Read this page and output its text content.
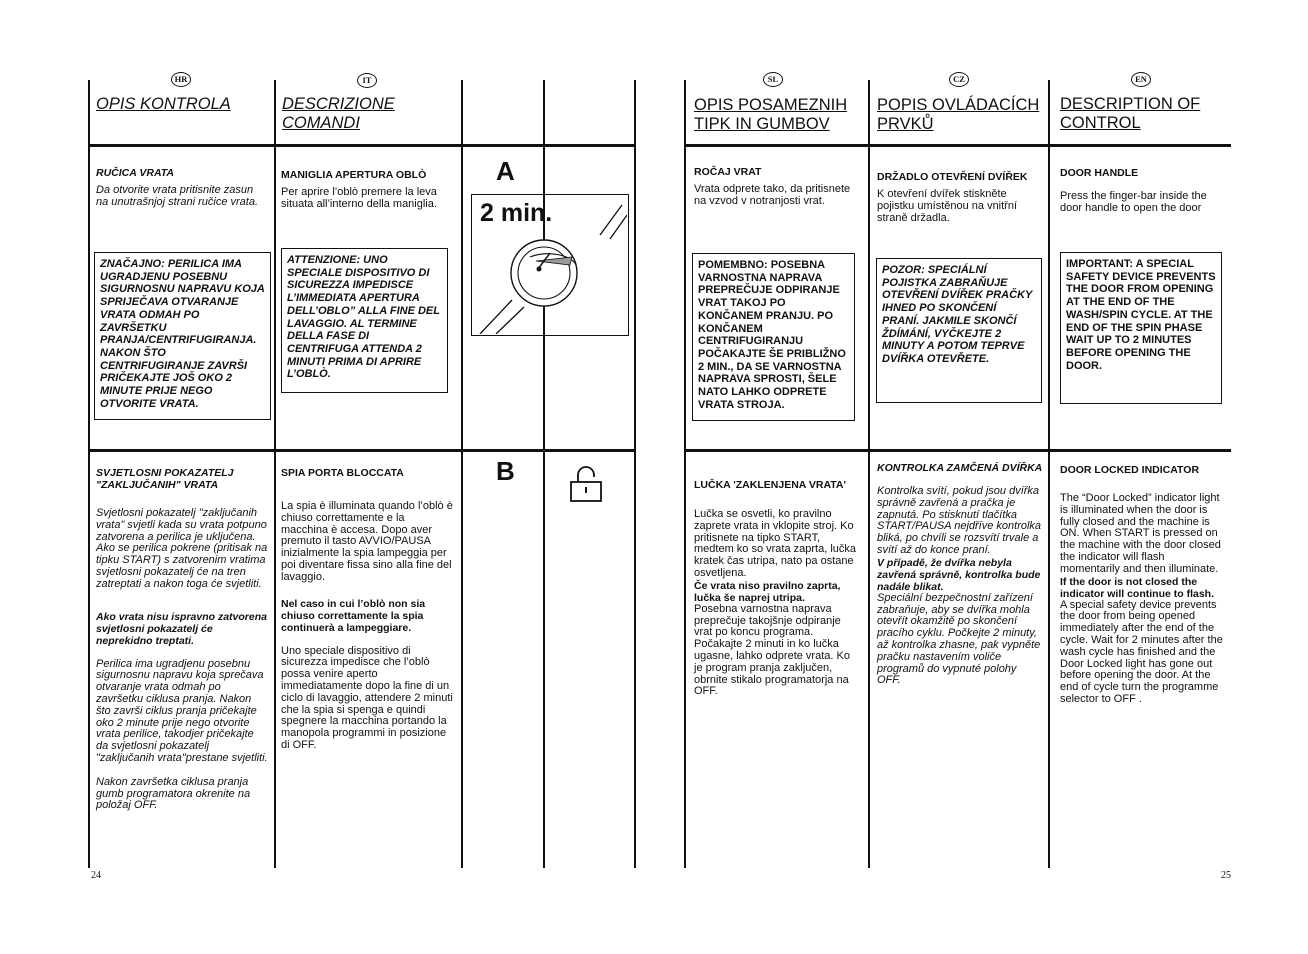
HR	IT
OPIS KONTROLA	DESCRIZIONE COMANDI

RUČICA VRATA

Da otvorite vrata pritisnite zasun na unutrašnjoj strani ručice vrata.

ZNAČAJNO: PERILICA IMA UGRADJENU POSEBNU SIGURNOSNU NAPRAVU KOJA SPRIJEČAVA OTVARANJE VRATA ODMAH PO ZAVRŠETKU PRANJA/CENTRIFUGIRANJA. NAKON ŠTO CENTRIFUGIRANJE ZAVRŠI PRIČEKAJTE JOŠ OKO 2 MINUTE PRIJE NEGO OTVORITE VRATA.

MANIGLIA APERTURA OBLÒ

Per aprire l’oblò premere la leva situata all’interno della maniglia.

ATTENZIONE: UNO SPECIALE DISPOSITIVO DI SICUREZZA IMPEDISCE L’IMMEDIATA APERTURA DELL’OBLO” ALLA FINE DEL LAVAGGIO. AL TERMINE DELLA FASE DI CENTRIFUGA ATTENDA 2 MINUTI PRIMA DI APRIRE L’OBLÒ.
A
2 min.
B

SVJETLOSNI POKAZATELJ "ZAKLJUČANIH" VRATA

Svjetlosni pokazatelj "zaključanih vrata" svjetli kada su vrata potpuno zatvorena a perilica je uključena. Ako se perilica pokrene (pritisak na tipku START) s zatvorenim vratima svjetlosni pokazatelj će na tren zatreptati a nakon toga će svjetliti.

Ako vrata nisu ispravno zatvorena svjetlosni pokazatelj će neprekidno treptati.

Perilica ima ugradjenu posebnu sigurnosnu napravu koja sprečava otvaranje vrata odmah po završetku ciklusa pranja. Nakon što završi ciklus pranja pričekajte oko 2 minute prije nego otvorite vrata perilice, takodjer pričekajte da svjetlosni pokazatelj "zaključanih vrata"prestane svjetliti.

Nakon završetka ciklusa pranja gumb programatora okrenite na položaj OFF.

SPIA PORTA BLOCCATA

La spia è illuminata quando l’oblò è chiuso correttamente e la macchina è accesa. Dopo aver premuto il tasto AVVIO/PAUSA inizialmente la spia lampeggia per poi diventare fissa sino alla fine del lavaggio.

Nel caso in cui l’oblò non sia chiuso correttamente la spia continuerà a lampeggiare.

Uno speciale dispositivo di sicurezza impedisce che l’oblò possa venire aperto immediatamente dopo la fine di un ciclo di lavaggio, attendere 2 minuti che la spia si spenga e quindi spegnere la macchina portando la manopola programmi in posizione di OFF.

24
SL	CZ	EN
OPIS POSAMEZNIH TIPK IN GUMBOV
POPIS OVLÁDACÍCH PRVKŮ
DESCRIPTION OF CONTROL

ROČAJ VRAT

Vrata odprete tako, da pritisnete na vzvod v notranjosti vrat.

POMEMBNO: POSEBNA VARNOSTNA NAPRAVA PREPREČUJE ODPIRANJE VRAT TAKOJ PO KONČANEM PRANJU. PO KONČANEM CENTRIFUGIRANJU POČAKAJTE ŠE PRIBLIŽNO 2 MIN., DA SE VARNOSTNA NAPRAVA SPROSTI, ŠELE NATO LAHKO ODPRETE VRATA STROJA.

DRŽADLO OTEVŘENÍ DVÍŘEK

K otevření dvířek stiskněte pojistku umístěnou na vnitřní straně držadla.

POZOR: SPECIÁLNÍ POJISTKA ZABRAŇUJE OTEVŘENÍ DVÍŘEK PRAČKY IHNED PO SKONČENÍ PRANÍ. JAKMILE SKONČÍ ŽDÍMÁNÍ, VYČKEJTE 2 MINUTY A POTOM TEPRVE DVÍŘKA OTEVŘETE.

DOOR HANDLE

Press the finger-bar inside the door handle to open the door

IMPORTANT: A SPECIAL SAFETY DEVICE PREVENTS THE DOOR FROM OPENING AT THE END OF THE WASH/SPIN CYCLE. AT THE END OF THE SPIN PHASE WAIT UP TO 2 MINUTES BEFORE OPENING THE DOOR.

LUČKA 'ZAKLENJENA VRATA'

Lučka se osvetli, ko pravilno zaprete vrata in vklopite stroj. Ko pritisnete na tipko START, medtem ko so vrata zaprta, lučka kratek čas utripa, nato pa ostane osvetljena.

Če vrata niso pravilno zaprta, lučka še naprej utripa.

Posebna varnostna naprava preprečuje takojšnje odpiranje vrat po koncu programa. Počakajte 2 minuti in ko lučka ugasne, lahko odprete vrata. Ko je program pranja zaključen, obrnite stikalo programatorja na OFF.

KONTROLKA ZAMČENÁ DVÍŘKA

Kontrolka svítí, pokud jsou dvířka správně zavřená a pračka je zapnutá. Po stisknutí tlačítka START/PAUSA nejdříve kontrolka bliká, po chvíli se rozsvítí trvale a svítí až do konce praní.

V případě, že dvířka nebyla zavřená správně, kontrolka bude nadále blikat.

Speciální bezpečnostní zařízení zabraňuje, aby se dvířka mohla otevřít okamžitě po skončení pracího cyklu. Počkejte 2 minuty, až kontrolka zhasne, pak vypněte pračku nastavením voliče programů do vypnuté polohy OFF.

DOOR LOCKED INDICATOR

The “Door Locked” indicator light is illuminated when the door is fully closed and the machine is ON. When START is pressed on the machine with the door closed the indicator will flash momentarily and then illuminate.

If the door is not closed the indicator will continue to flash.

A special safety device prevents the door from being opened immediately after the end of the cycle. Wait for 2 minutes after the wash cycle has finished and the Door Locked light has gone out before opening the door. At the end of cycle turn the programme selector to OFF .

25
